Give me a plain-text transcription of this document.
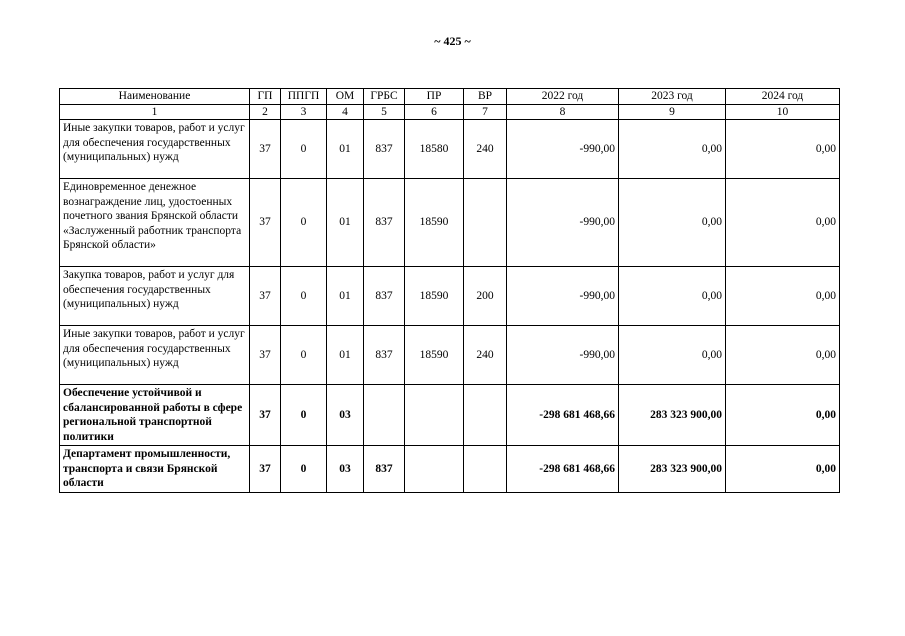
~ 425 ~
Наименование	ГП	ППГП	ОМ	ГРБС	ПР	ВР	2022 год	2023 год	2024 год
1	2	3	4	5	6	7	8	9	10
Иные закупки товаров, работ и услуг для обеспечения государственных (муниципальных) нужд	37	0	01	837	18580	240	-990,00	0,00	0,00
Единовременное денежное вознаграждение лиц, удостоенных почетного звания Брянской области «Заслуженный работник транспорта Брянской области»	37	0	01	837	18590		-990,00	0,00	0,00
Закупка товаров, работ и услуг для обеспечения государственных (муниципальных) нужд	37	0	01	837	18590	200	-990,00	0,00	0,00
Иные закупки товаров, работ и услуг для обеспечения государственных (муниципальных) нужд	37	0	01	837	18590	240	-990,00	0,00	0,00
Обеспечение устойчивой и сбалансированной работы в сфере региональной транспортной политики	37	0	03				-298 681 468,66	283 323 900,00	0,00
Департамент промышленности, транспорта и связи Брянской области	37	0	03	837			-298 681 468,66	283 323 900,00	0,00
